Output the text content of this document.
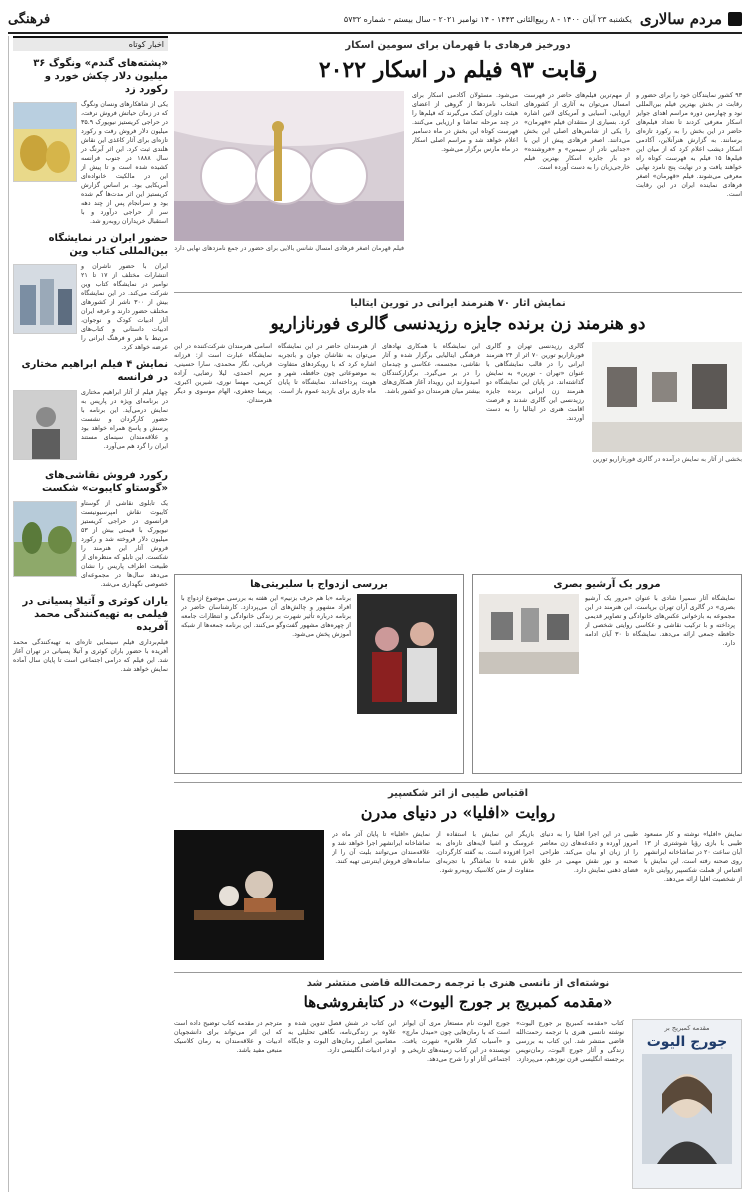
مردم سالاری
یکشنبه ۲۳ آبان ۱۴۰۰ - ۸ ربیع‌الثانی ۱۴۴۳ - ۱۴ نوامبر ۲۰۲۱ - سال بیستم - شماره ۵۷۳۲
فرهنگی
دورخیز فرهادی با قهرمان برای سومین اسکار
رقابت ۹۳ فیلم در اسکار ۲۰۲۲
۹۳ کشور نمایندگان خود را برای حضور و رقابت در بخش بهترین فیلم بین‌المللی نود و چهارمین دوره مراسم اهدای جوایز اسکار معرفی کردند تا تعداد فیلم‌های حاضر در این بخش را به رکورد تازه‌ای برسانند. به گزارش هنرآنلاین، آکادمی اسکار دیشب اعلام کرد که از میان این فیلم‌ها ۱۵ فیلم به فهرست کوتاه راه خواهند یافت و در نهایت پنج نامزد نهایی معرفی می‌شوند. فیلم «قهرمان» اصغر فرهادی نماینده ایران در این رقابت است.
از مهم‌ترین فیلم‌های حاضر در فهرست امسال می‌توان به آثاری از کشورهای اروپایی، آسیایی و آمریکای لاتین اشاره کرد. بسیاری از منتقدان فیلم «قهرمان» را یکی از شانس‌های اصلی این بخش می‌دانند. اصغر فرهادی پیش از این با «جدایی نادر از سیمین» و «فروشنده» دو بار جایزه اسکار بهترین فیلم خارجی‌زبان را به دست آورده است.
می‌شود. مسئولان آکادمی اسکار برای انتخاب نامزدها از گروهی از اعضای هیئت داوران کمک می‌گیرند که فیلم‌ها را در چند مرحله تماشا و ارزیابی می‌کنند. فهرست کوتاه این بخش در ماه دسامبر اعلام خواهد شد و مراسم اصلی اسکار در ماه مارس برگزار می‌شود.
فیلم قهرمان اصغر فرهادی امسال شانس بالایی برای حضور در جمع نامزدهای نهایی دارد
نمایش آثار ۷۰ هنرمند ایرانی در تورین ایتالیا
دو هنرمند زن برنده جایزه رزیدنسی گالری فورنازاریو
بخشی از آثار به نمایش درآمده در گالری فورنازاریو تورین
گالری رزیدنسی تهران و گالری فورنازاریو تورین ۷۰ اثر از ۲۴ هنرمند ایرانی را در قالب نمایشگاهی با عنوان «تهران - تورین» به نمایش گذاشته‌اند. در پایان این نمایشگاه دو هنرمند زن ایرانی برنده جایزه رزیدنسی این گالری شدند و فرصت اقامت هنری در ایتالیا را به دست آوردند.
این نمایشگاه با همکاری نهادهای فرهنگی ایتالیایی برگزار شده و آثار نقاشی، مجسمه، عکاسی و چیدمان را در بر می‌گیرد. برگزارکنندگان امیدوارند این رویداد آغاز همکاری‌های بیشتر میان هنرمندان دو کشور باشد.
از هنرمندان حاضر در این نمایشگاه می‌توان به نقاشان جوان و باتجربه اشاره کرد که با رویکردهای متفاوت به موضوعاتی چون حافظه، شهر و هویت پرداخته‌اند. نمایشگاه تا پایان ماه جاری برای بازدید عموم باز است.
اسامی هنرمندان شرکت‌کننده در این نمایشگاه عبارت است از: فرزانه قربانی، نگار محمدی، سارا حسینی، مریم احمدی، لیلا رضایی، آزاده کریمی، مهسا نوری، شیرین اکبری، پریسا جعفری، الهام موسوی و دیگر هنرمندان.
بررسی ازدواج با سلبریتی‌ها

برنامه «با هم حرف بزنیم» این هفته به بررسی موضوع ازدواج با افراد مشهور و چالش‌های آن می‌پردازد. کارشناسان حاضر در برنامه درباره تأثیر شهرت بر زندگی خانوادگی و انتظارات جامعه از چهره‌های مشهور گفت‌وگو می‌کنند. این برنامه جمعه‌ها از شبکه آموزش پخش می‌شود.

مرور یک آرشیو بصری

نمایشگاه آثار سمیرا شادی با عنوان «مرور یک آرشیو بصری» در گالری آران تهران برپاست. این هنرمند در این مجموعه به بازخوانی عکس‌های خانوادگی و تصاویر قدیمی پرداخته و با ترکیب نقاشی و عکاسی روایتی شخصی از حافظه جمعی ارائه می‌دهد. نمایشگاه تا ۳۰ آبان ادامه دارد.

اقتباس طیبی از اثر شکسپیر
روایت «افلیا» در دنیای مدرن
نمایش «افلیا» نوشته و کار مسعود طیبی با بازی رؤیا شوشتری از ۱۳ آبان ساعت ۲۰ در تماشاخانه ایرانشهر روی صحنه رفته است. این نمایش با اقتباس از هملت شکسپیر روایتی تازه از شخصیت افلیا ارائه می‌دهد.
طیبی در این اجرا افلیا را به دنیای امروز آورده و دغدغه‌های زن معاصر را از زبان او بیان می‌کند. طراحی صحنه و نور نقش مهمی در خلق فضای ذهنی نمایش دارد.
بازیگر این نمایش با استفاده از عروسک و اشیا لایه‌های تازه‌ای به اجرا افزوده است. به گفته کارگردان، تلاش شده تا تماشاگر با تجربه‌ای متفاوت از متن کلاسیک روبه‌رو شود.
نمایش «افلیا» تا پایان آذر ماه در تماشاخانه ایرانشهر اجرا خواهد شد و علاقه‌مندان می‌توانند بلیت آن را از سامانه‌های فروش اینترنتی تهیه کنند.
نوشته‌ای از نانسی هنری با ترجمه رحمت‌الله قاضی منتشر شد
«مقدمه کمبریج بر جورج الیوت» در کتابفروشی‌ها
مقدمه کمبریج بر
جورج الیوت
کتاب «مقدمه کمبریج بر جورج الیوت» نوشته نانسی هنری با ترجمه رحمت‌الله قاضی منتشر شد. این کتاب به بررسی زندگی و آثار جورج الیوت، رمان‌نویس برجسته انگلیسی قرن نوزدهم، می‌پردازد.
جورج الیوت نام مستعار مری آن ایوانز است که با رمان‌هایی چون «میدل مارچ» و «آسیاب کنار فلاس» شهرت یافت. نویسنده در این کتاب زمینه‌های تاریخی و اجتماعی آثار او را شرح می‌دهد.
این کتاب در شش فصل تدوین شده و علاوه بر زندگی‌نامه، نگاهی تحلیلی به مضامین اصلی رمان‌های الیوت و جایگاه او در ادبیات انگلیسی دارد.
مترجم در مقدمه کتاب توضیح داده است که این اثر می‌تواند برای دانشجویان ادبیات و علاقه‌مندان به رمان کلاسیک منبعی مفید باشد.
اخبار کوتاه
«پشته‌های گندم» ونگوگ ۳۶ میلیون دلار چکش خورد و رکورد زد

یکی از شاهکارهای ونسان ونگوگ که در زمان حیاتش فروش نرفت، در حراجی کریستیز نیویورک ۳۵.۹ میلیون دلار فروش رفت و رکورد تازه‌ای برای آثار کاغذی این نقاش هلندی ثبت کرد. این اثر آبرنگ در سال ۱۸۸۸ در جنوب فرانسه کشیده شده است و تا پیش از این در مالکیت خانواده‌ای آمریکایی بود. بر اساس گزارش کریستیز این اثر مدت‌ها گم شده بود و سرانجام پس از چند دهه سر از حراجی درآورد و با استقبال خریداران روبه‌رو شد.

حضور ایران در نمایشگاه بین‌المللی کتاب وین

ایران با حضور ناشران و انتشارات مختلف از ۱۷ تا ۲۱ نوامبر در نمایشگاه کتاب وین شرکت می‌کند. در این نمایشگاه بیش از ۳۰۰ ناشر از کشورهای مختلف حضور دارند و غرفه ایران آثار ادبیات کودک و نوجوان، ادبیات داستانی و کتاب‌های مرتبط با هنر و فرهنگ ایرانی را عرضه خواهد کرد.

نمایش ۴ فیلم ابراهیم مختاری در فرانسه

چهار فیلم از آثار ابراهیم مختاری در برنامه‌ای ویژه در پاریس به نمایش درمی‌آید. این برنامه با حضور کارگردان و نشست پرسش و پاسخ همراه خواهد بود و علاقه‌مندان سینمای مستند ایران را گرد هم می‌آورد.

رکورد فروش نقاشی‌های «گوستاو کایبوت» شکست

یک تابلوی نقاشی از گوستاو کایبوت نقاش امپرسیونیست فرانسوی در حراجی کریستیز نیویورک با قیمتی بیش از ۵۳ میلیون دلار فروخته شد و رکورد فروش آثار این هنرمند را شکست. این تابلو که منظره‌ای از طبیعت اطراف پاریس را نشان می‌دهد سال‌ها در مجموعه‌ای خصوصی نگهداری می‌شد.

یاران کوثری و آتیلا پسیانی در فیلمی به تهیه‌کنندگی محمد آفریده

فیلم‌برداری فیلم سینمایی تازه‌ای به تهیه‌کنندگی محمد آفریده با حضور باران کوثری و آتیلا پسیانی در تهران آغاز شد. این فیلم که درامی اجتماعی است تا پایان سال آماده نمایش خواهد شد.
